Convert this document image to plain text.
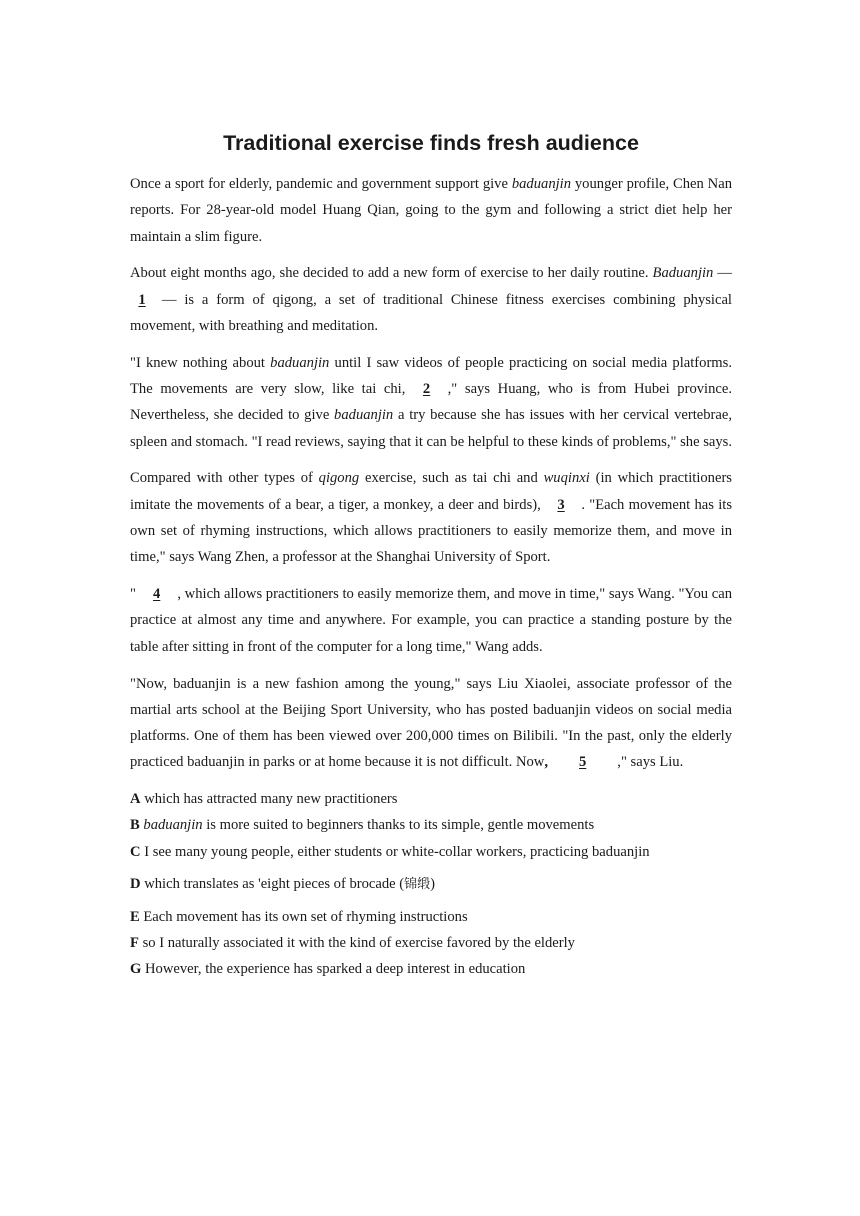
Traditional exercise finds fresh audience

Once a sport for elderly, pandemic and government support give baduanjin younger profile, Chen Nan reports. For 28-year-old model Huang Qian, going to the gym and following a strict diet help her maintain a slim figure.

About eight months ago, she decided to add a new form of exercise to her daily routine. Baduanjin — 1 — is a form of qigong, a set of traditional Chinese fitness exercises combining physical movement, with breathing and meditation.

"I knew nothing about baduanjin until I saw videos of people practicing on social media platforms. The movements are very slow, like tai chi, 2 ," says Huang, who is from Hubei province. Nevertheless, she decided to give baduanjin a try because she has issues with her cervical vertebrae, spleen and stomach. "I read reviews, saying that it can be helpful to these kinds of problems," she says.

Compared with other types of qigong exercise, such as tai chi and wuqinxi (in which practitioners imitate the movements of a bear, a tiger, a monkey, a deer and birds), 3 . "Each movement has its own set of rhyming instructions, which allows practitioners to easily memorize them, and move in time," says Wang Zhen, a professor at the Shanghai University of Sport.

" 4 , which allows practitioners to easily memorize them, and move in time," says Wang. "You can practice at almost any time and anywhere. For example, you can practice a standing posture by the table after sitting in front of the computer for a long time," Wang adds.

"Now, baduanjin is a new fashion among the young," says Liu Xiaolei, associate professor of the martial arts school at the Beijing Sport University, who has posted baduanjin videos on social media platforms. One of them has been viewed over 200,000 times on Bilibili. "In the past, only the elderly practiced baduanjin in parks or at home because it is not difficult. Now, 5 ," says Liu.

A which has attracted many new practitioners
B baduanjin is more suited to beginners thanks to its simple, gentle movements
C I see many young people, either students or white-collar workers, practicing baduanjin
D which translates as 'eight pieces of brocade (锦缎)
E Each movement has its own set of rhyming instructions
F so I naturally associated it with the kind of exercise favored by the elderly
G However, the experience has sparked a deep interest in education
